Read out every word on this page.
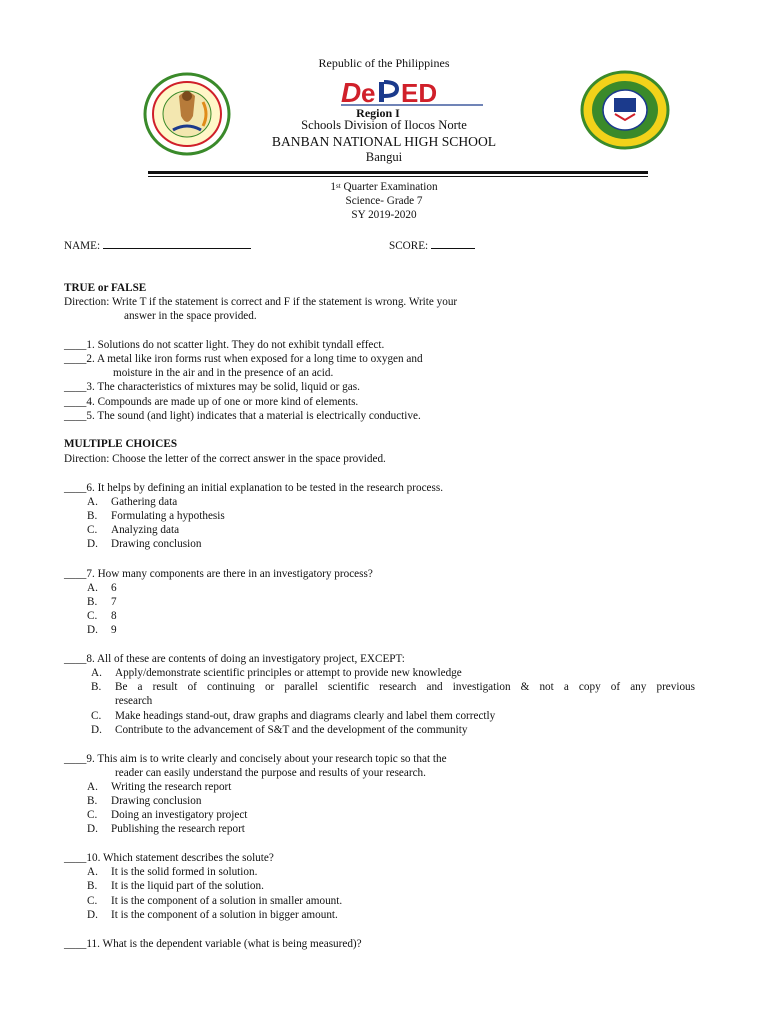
D e ED
Republic of the Philippines
Region I
Schools Division of Ilocos Norte
BANBAN NATIONAL HIGH SCHOOL
Bangui
1st Quarter Examination
Science- Grade 7
SY 2019-2020
NAME:	SCORE:
TRUE or FALSE
Direction: Write T if the statement is correct and F if the statement is wrong. Write your
answer in the space provided.
____1. Solutions do not scatter light. They do not exhibit tyndall effect.
____2. A metal like iron forms rust when exposed for a long time to oxygen and
moisture in the air and in the presence of an acid.
____3. The characteristics of mixtures may be solid, liquid or gas.
____4. Compounds are made up of one or more kind of elements.
____5. The sound (and light) indicates that a material is electrically conductive.
MULTIPLE CHOICES
Direction: Choose the letter of the correct answer in the space provided.
____6. It helps by defining an initial explanation to be tested in the research process.
A. Gathering data
B. Formulating a hypothesis
C. Analyzing data
D. Drawing conclusion
____7. How many components are there in an investigatory process?
A. 6
B. 7
C. 8
D. 9
____8. All of these are contents of doing an investigatory project, EXCEPT:
A. Apply/demonstrate scientific principles or attempt to provide new knowledge
B. Be a result of continuing or parallel scientific research and investigation & not a copy of any previous
research
C. Make headings stand-out, draw graphs and diagrams clearly and label them correctly
D. Contribute to the advancement of S&T and the development of the community
____9. This aim is to write clearly and concisely about your research topic so that the
reader can easily understand the purpose and results of your research.
A. Writing the research report
B. Drawing conclusion
C. Doing an investigatory project
D. Publishing the research report
____10. Which statement describes the solute?
A. It is the solid formed in solution.
B. It is the liquid part of the solution.
C. It is the component of a solution in smaller amount.
D. It is the component of a solution in bigger amount.
____11. What is the dependent variable (what is being measured)?
